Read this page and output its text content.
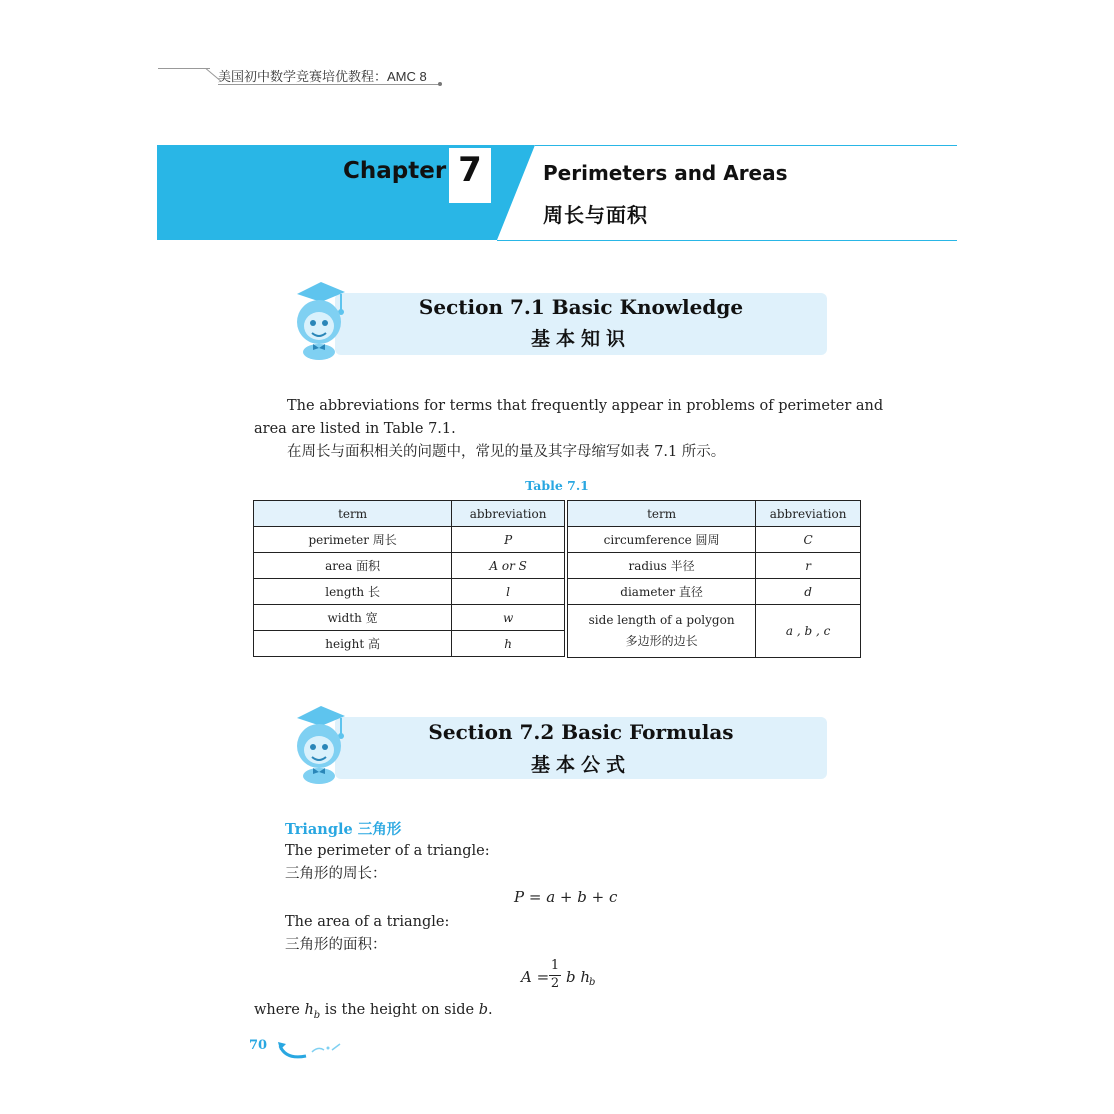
美国初中数学竞赛培优教程：AMC 8
Chapter 7	Perimeters and Areas
周长与面积
Section 7.1 Basic Knowledge
基本知识
The abbreviations for terms that frequently appear in problems of perimeter and
area are listed in Table 7.1.
在周长与面积相关的问题中，常见的量及其字母缩写如表 7.1 所示。
Table 7.1
term	abbreviation
perimeter 周长	P
area 面积	A or S
length 长	l
width 宽	w
height 高	h
term	abbreviation
circumference 圆周	C
radius 半径	r
diameter 直径	d

side length of a polygon
多边形的边长	a , b , c
Section 7.2 Basic Formulas
基本公式
Triangle 三角形
The perimeter of a triangle:
三角形的周长：
P = a + b + c
The area of a triangle:
三角形的面积：
A =
1
2 b h
b
where $h_b$ is the height on side b.
70
